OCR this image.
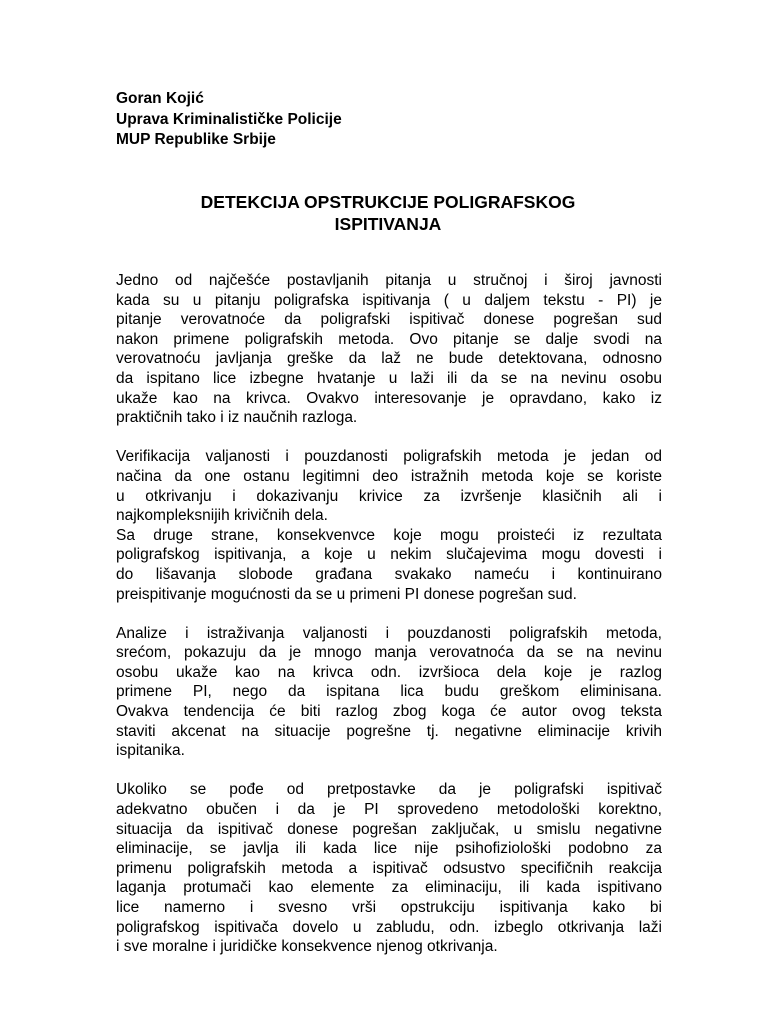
Goran Kojić
Uprava Kriminalističke Policije
MUP Republike Srbije
DETEKCIJA OPSTRUKCIJE POLIGRAFSKOG
ISPITIVANJA
Jedno od najčešće postavljanih pitanja u stručnoj i široj javnosti
kada su u pitanju poligrafska ispitivanja ( u daljem tekstu - PI) je
pitanje verovatnoće da poligrafski ispitivač donese pogrešan sud
nakon primene poligrafskih metoda. Ovo pitanje se dalje svodi na
verovatnoću javljanja greške da laž ne bude detektovana, odnosno
da ispitano lice izbegne hvatanje u laži ili da se na nevinu osobu
ukaže kao na krivca. Ovakvo interesovanje je opravdano, kako iz
praktičnih tako i iz naučnih razloga.
Verifikacija valjanosti i pouzdanosti poligrafskih metoda je jedan od
načina da one ostanu legitimni deo istražnih metoda koje se koriste
u otkrivanju i dokazivanju krivice za izvršenje klasičnih ali i
najkompleksnijih krivičnih dela.
Sa druge strane, konsekvenvce koje mogu proisteći iz rezultata
poligrafskog ispitivanja, a koje u nekim slučajevima mogu dovesti i
do lišavanja slobode građana svakako nameću i kontinuirano
preispitivanje mogućnosti da se u primeni PI donese pogrešan sud.
Analize i istraživanja valjanosti i pouzdanosti poligrafskih metoda,
srećom, pokazuju da je mnogo manja verovatnoća da se na nevinu
osobu ukaže kao na krivca odn. izvršioca dela koje je razlog
primene PI, nego da ispitana lica budu greškom eliminisana.
Ovakva tendencija će biti razlog zbog koga će autor ovog teksta
staviti akcenat na situacije pogrešne tj. negativne eliminacije krivih
ispitanika.
Ukoliko se pođe od pretpostavke da je poligrafski ispitivač
adekvatno obučen i da je PI sprovedeno metodološki korektno,
situacija da ispitivač donese pogrešan zaključak, u smislu negativne
eliminacije, se javlja ili kada lice nije psihofiziološki podobno za
primenu poligrafskih metoda a ispitivač odsustvo specifičnih reakcija
laganja protumači kao elemente za eliminaciju, ili kada ispitivano
lice namerno i svesno vrši opstrukciju ispitivanja kako bi
poligrafskog ispitivača dovelo u zabludu, odn. izbeglo otkrivanja laži
i sve moralne i juridičke konsekvence njenog otkrivanja.
